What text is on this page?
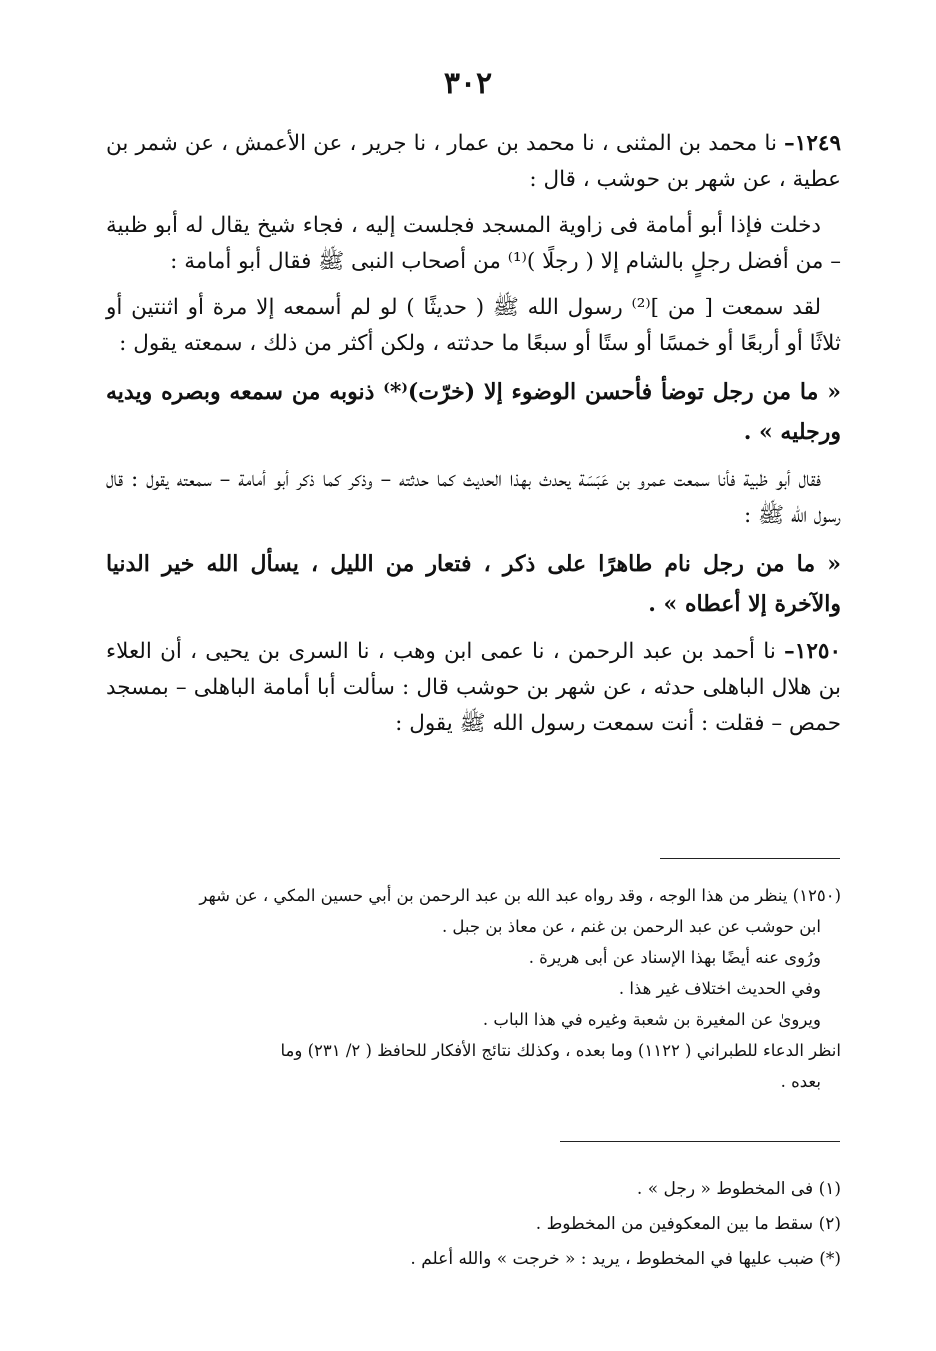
٣٠٢

١٢٤٩– نا محمد بن المثنى ، نا محمد بن عمار ، نا جرير ، عن الأعمش ، عن شمر بن عطية ، عن شهر بن حوشب ، قال :

دخلت فإذا أبو أمامة فى زاوية المسجد فجلست إليه ، فجاء شيخ يقال له أبو ظبية – من أفضل رجلٍ بالشام إلا ( رجلًا )⁽¹⁾ من أصحاب النبى ﷺ فقال أبو أمامة :

لقد سمعت [ من ]⁽²⁾ رسول الله ﷺ ( حديثًا ) لو لم أسمعه إلا مرة أو اثنتين أو ثلاثًا أو أربعًا أو خمسًا أو ستًا أو سبعًا ما حدثته ، ولكن أكثر من ذلك ، سمعته يقول :

« ما من رجل توضأ فأحسن الوضوء إلا (خرّت)⁽*⁾ ذنوبه من سمعه وبصره ويديه ورجليه » .

فقال أبو ظبية فأنا سمعت عمرو بن عَبَسَة يحدث بهذا الحديث كما حدثته – وذكر كما ذكر أبو أمامة – سمعته يقول : قال رسول الله ﷺ :

« ما من رجل نام طاهرًا على ذكر ، فتعار من الليل ، يسأل الله خير الدنيا والآخرة إلا أعطاه » .

١٢٥٠– نا أحمد بن عبد الرحمن ، نا عمى ابن وهب ، نا السرى بن يحيى ، أن العلاء بن هلال الباهلى حدثه ، عن شهر بن حوشب قال : سألت أبا أمامة الباهلى – بمسجد حمص – فقلت : أنت سمعت رسول الله ﷺ يقول :

(١٢٥٠) ينظر من هذا الوجه ، وقد رواه عبد الله بن عبد الرحمن بن أبي حسين المكي ، عن شهر
ابن حوشب عن عبد الرحمن بن غنم ، عن معاذ بن جبل .
ورُوى عنه أيضًا بهذا الإسناد عن أبى هريرة .
وفي الحديث اختلاف غير هذا .
ويروىٰ عن المغيرة بن شعبة وغيره في هذا الباب .
انظر الدعاء للطبراني ( ١١٢٢) وما بعده ، وكذلك نتائج الأفكار للحافظ ( ٢/ ٢٣١) وما
بعده .
(١) فى المخطوط « رجل » .
(٢) سقط ما بين المعكوفين من المخطوط .
(*) ضبب عليها في المخطوط ، يريد : « خرجت » والله أعلم .
